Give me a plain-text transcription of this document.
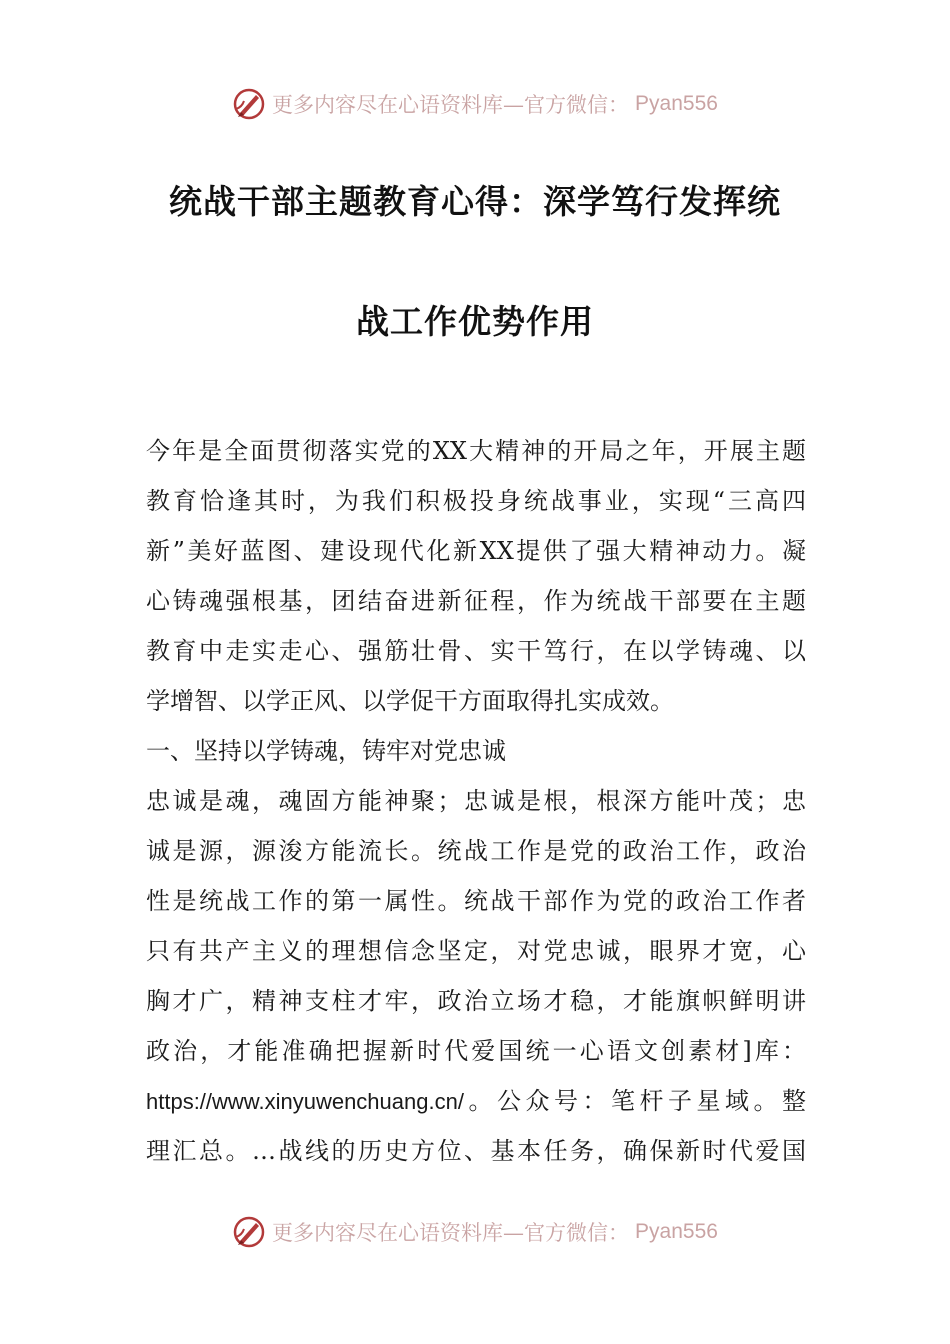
更多内容尽在心语资料库—官方微信： Pyan556
统战干部主题教育心得：深学笃行发挥统
战工作优势作用
今年是全面贯彻落实党的XX大精神的开局之年，开展主题
教育恰逢其时，为我们积极投身统战事业，实现“三高四
新”美好蓝图、建设现代化新XX提供了强大精神动力。凝
心铸魂强根基，团结奋进新征程，作为统战干部要在主题
教育中走实走心、强筋壮骨、实干笃行，在以学铸魂、以
学增智、以学正风、以学促干方面取得扎实成效。
一、坚持以学铸魂，铸牢对党忠诚
忠诚是魂，魂固方能神聚；忠诚是根，根深方能叶茂；忠
诚是源，源浚方能流长。统战工作是党的政治工作，政治
性是统战工作的第一属性。统战干部作为党的政治工作者
只有共产主义的理想信念坚定，对党忠诚，眼界才宽，心
胸才广，精神支柱才牢，政治立场才稳，才能旗帜鲜明讲
政治，才能准确把握新时代爱国统一心语文创素材]库：
https://www.xinyuwenchuang.cn/。公众号：笔杆子星域。整
理汇总。…战线的历史方位、基本任务，确保新时代爱国
更多内容尽在心语资料库—官方微信： Pyan556
